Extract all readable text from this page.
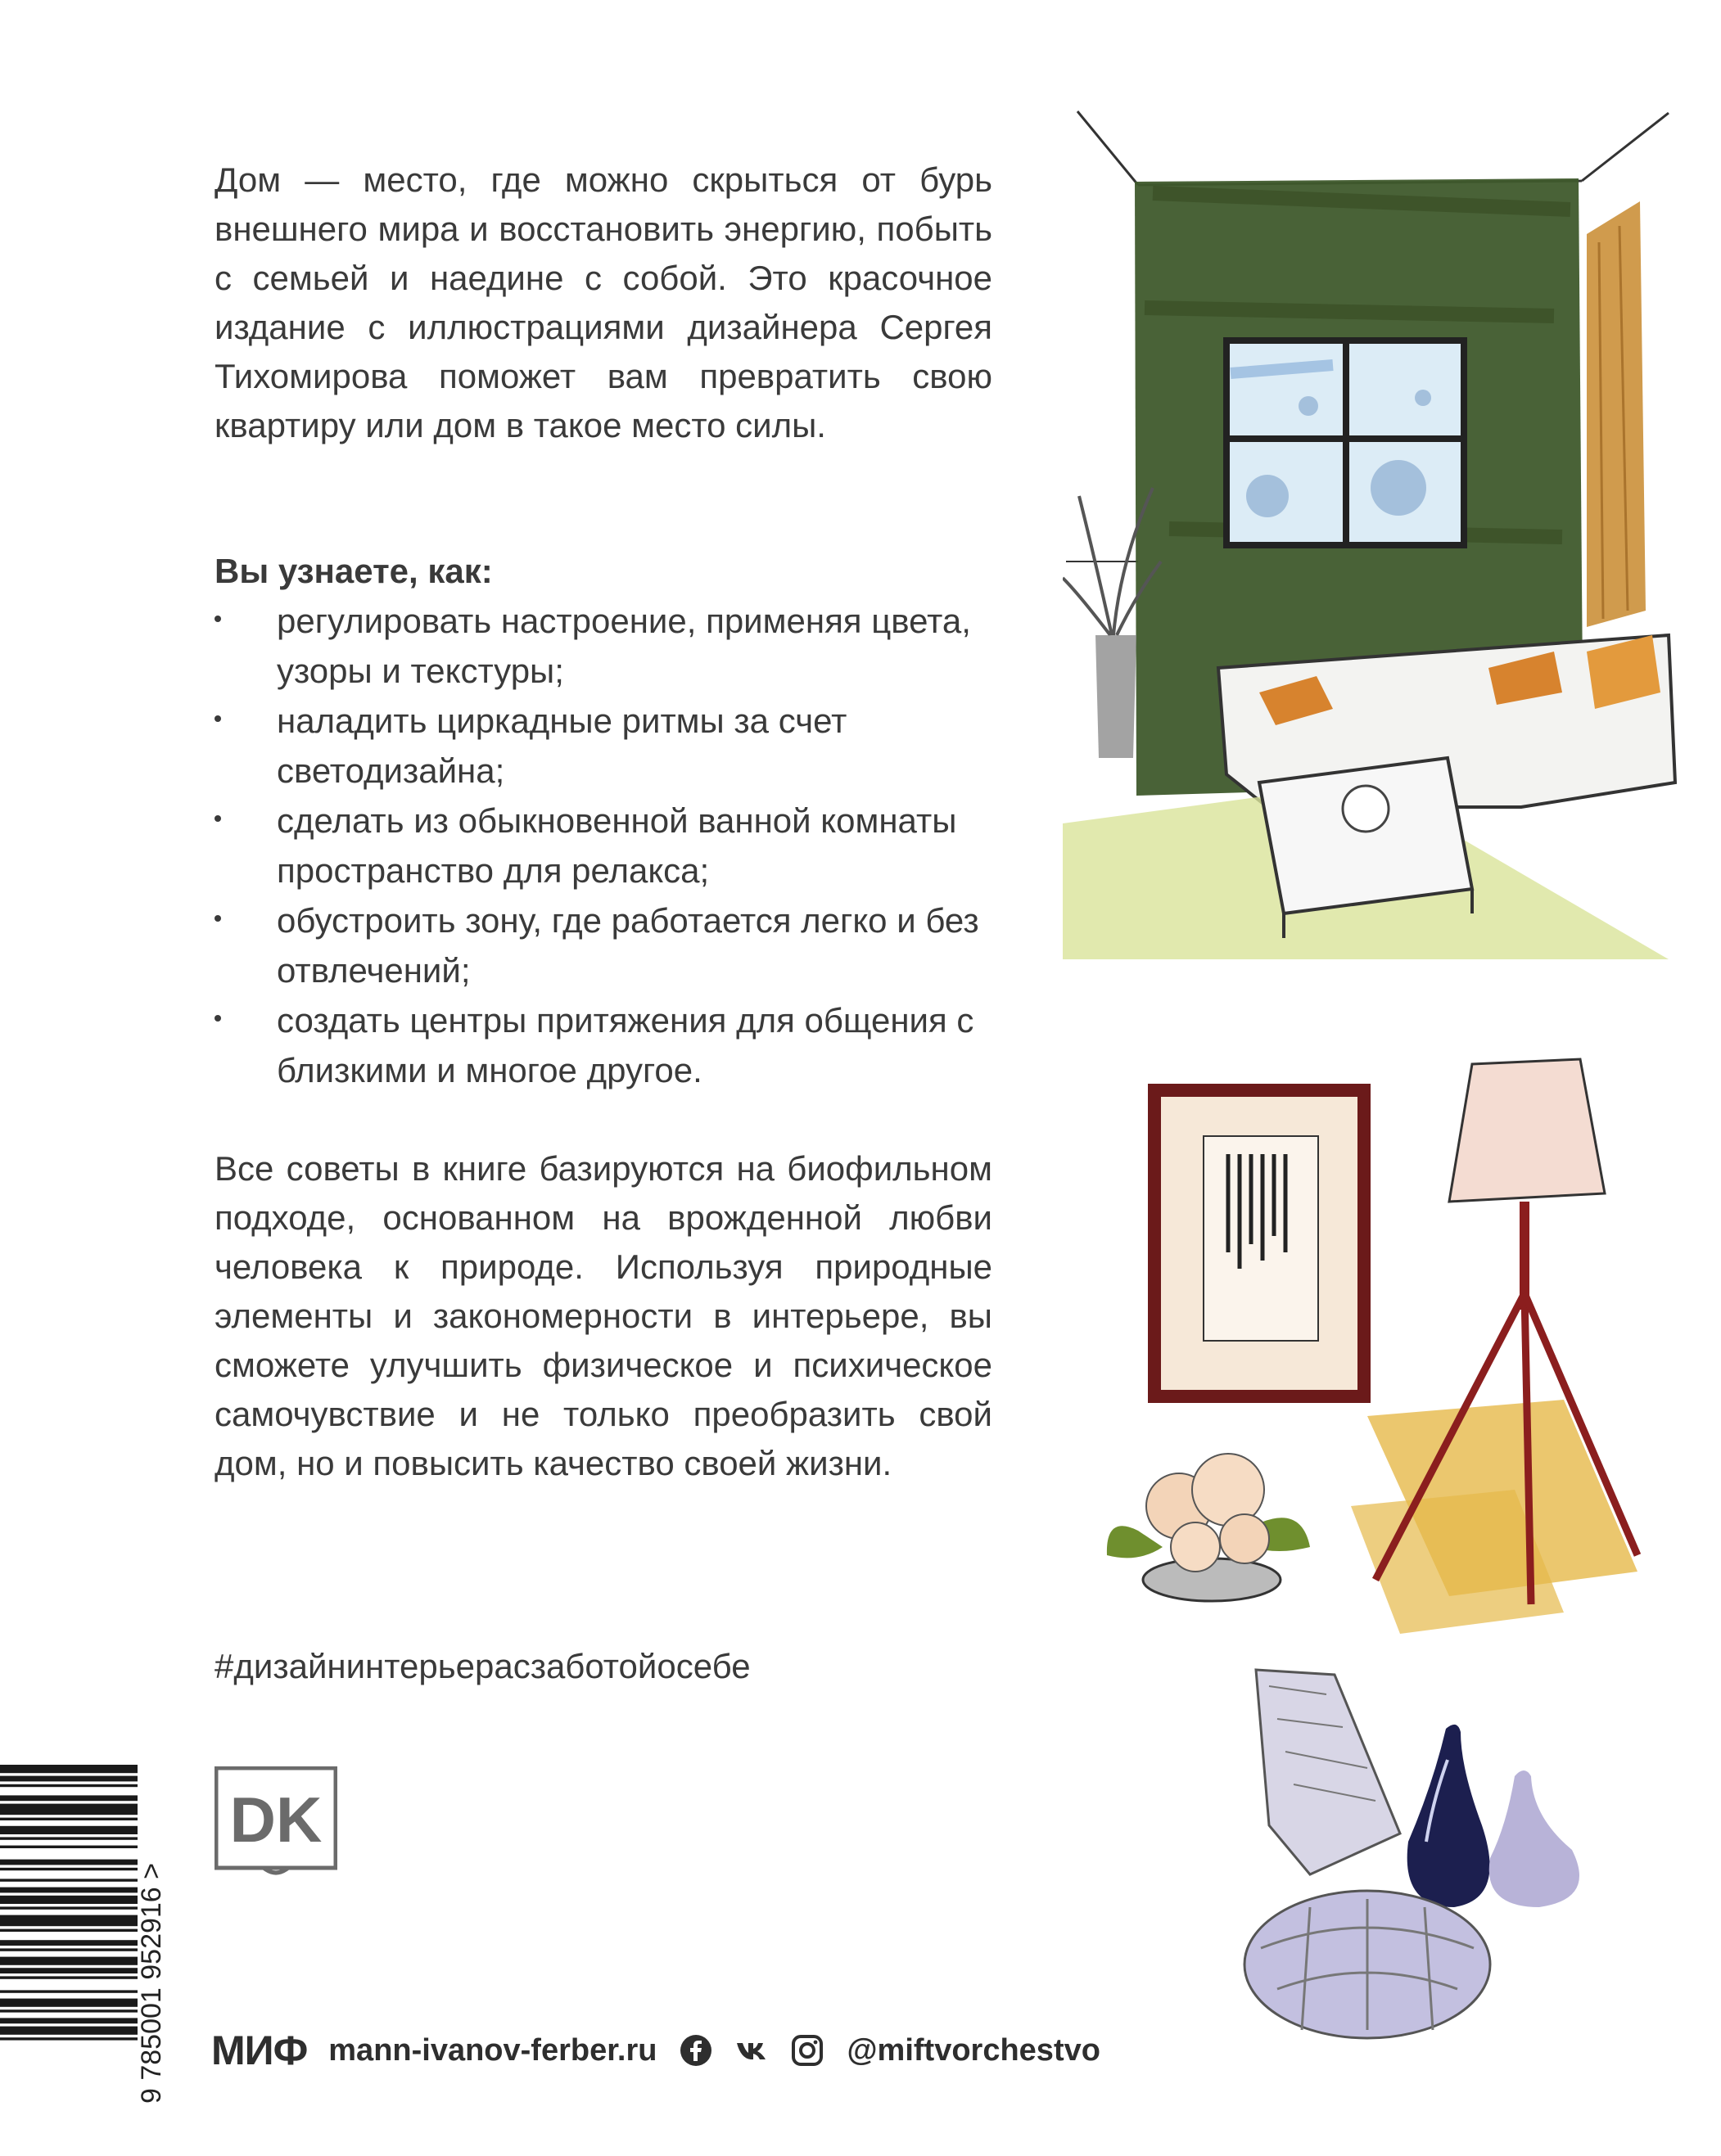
Дом — место, где можно скрыться от бурь внешнего мира и восстановить энергию, побыть с семьей и наедине с собой. Это красочное издание с иллюстрациями дизайнера Сергея Тихомирова поможет вам превратить свою квартиру или дом в такое место силы.

Вы узнаете, как:

регулировать настроение, применяя цвета, узоры и текстуры;
наладить циркадные ритмы за счет светодизайна;
сделать из обыкновенной ванной комнаты пространство для релакса;
обустроить зону, где работается легко и без отвлечений;
создать центры притяжения для общения с близкими и многое другое.

Все советы в книге базируются на биофильном подходе, основанном на врожденной любви человека к природе. Используя природные элементы и закономерности в интерьере, вы сможете улучшить физическое и психическое самочувствие и не только преобразить свой дом, но и повысить качество своей жизни.

#дизайнинтерьерасзаботойосебе
DK
9 785001 952916 > МИФ mann-ivanov-ferber.ru	@miftvorchestvo
